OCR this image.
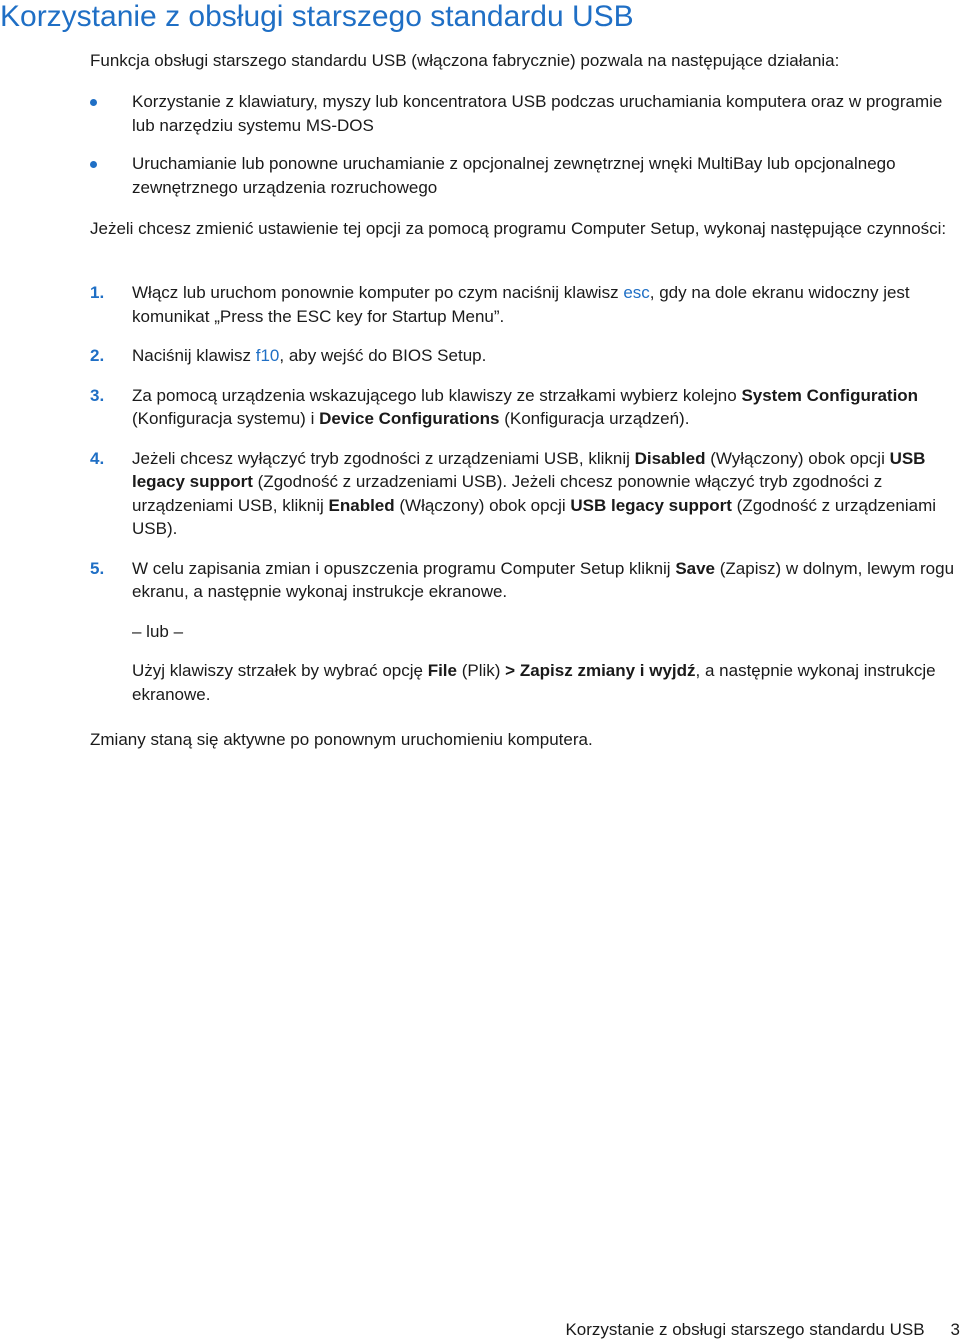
Korzystanie z obsługi starszego standardu USB

Funkcja obsługi starszego standardu USB (włączona fabrycznie) pozwala na następujące działania:

Korzystanie z klawiatury, myszy lub koncentratora USB podczas uruchamiania komputera oraz w programie lub narzędziu systemu MS-DOS
Uruchamianie lub ponowne uruchamianie z opcjonalnej zewnętrznej wnęki MultiBay lub opcjonalnego zewnętrznego urządzenia rozruchowego

Jeżeli chcesz zmienić ustawienie tej opcji za pomocą programu Computer Setup, wykonaj następujące czynności:

1. Włącz lub uruchom ponownie komputer po czym naciśnij klawisz esc, gdy na dole ekranu widoczny jest komunikat „Press the ESC key for Startup Menu”.
2. Naciśnij klawisz f10, aby wejść do BIOS Setup.
3. Za pomocą urządzenia wskazującego lub klawiszy ze strzałkami wybierz kolejno System Configuration (Konfiguracja systemu) i Device Configurations (Konfiguracja urządzeń).
4. Jeżeli chcesz wyłączyć tryb zgodności z urządzeniami USB, kliknij Disabled (Wyłączony) obok opcji USB legacy support (Zgodność z urzadzeniami USB). Jeżeli chcesz ponownie włączyć tryb zgodności z urządzeniami USB, kliknij Enabled (Włączony) obok opcji USB legacy support (Zgodność z urządzeniami USB).
5. W celu zapisania zmian i opuszczenia programu Computer Setup kliknij Save (Zapisz) w dolnym, lewym rogu ekranu, a następnie wykonaj instrukcje ekranowe.
– lub –
Użyj klawiszy strzałek by wybrać opcję File (Plik) > Zapisz zmiany i wyjdź, a następnie wykonaj instrukcje ekranowe.

Zmiany staną się aktywne po ponownym uruchomieniu komputera.

Korzystanie z obsługi starszego standardu USB 3
